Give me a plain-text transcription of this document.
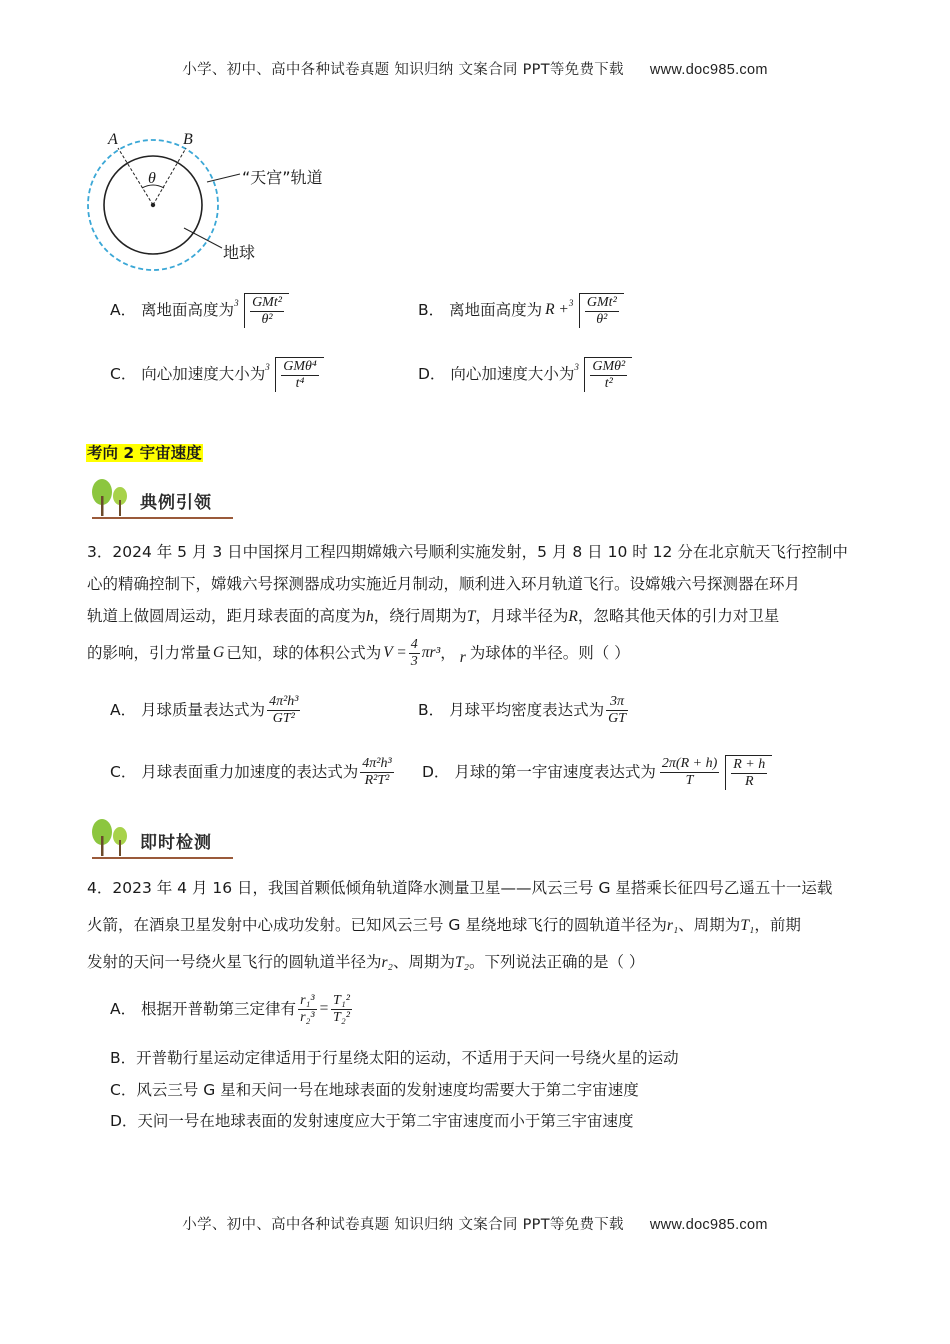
小学、初中、高中各种试卷真题 知识归纳 文案合同 PPT等免费下载 www.doc985.com
A	B
θ	“天宫”轨道
地球
A．
离地面高度为 $3 \frac{\text{GMt²}}{\text{θ²}}$	B．
离地面高度为 $R + 3 \frac{\text{GMt²}}{\text{θ²}}$
C．
向心加速度大小为 $3 \frac{\text{GMθ⁴}}{\text{t⁴}}$	D．
向心加速度大小为 $3 \frac{\text{GMθ²}}{\text{t²}}$
考向 2 宇宙速度
典例引领
3．2024 年 5 月 3 日中国探月工程四期嫦娥六号顺利实施发射，5 月 8 日 10 时 12 分在北京航天飞行控制中
心的精确控制下，嫦娥六号探测器成功实施近月制动，顺利进入环月轨道飞行。设嫦娥六号探测器在环月
轨道上做圆周运动，距月球表面的高度为h，绕行周期为T，月球半径为R，忽略其他天体的引力对卫星
的影响，引力常量 G 已知，球的体积公式为 $V = \frac{4}{3} \pi r^3$ ， r 为球体的半径。则（ ）
A．
月球质量表达式为 $\frac{\text{4π²h³}}{\text{GT²}}$	B．
月球平均密度表达式为 $\frac{3\pi}{GT}$
C．
月球表面重力加速度的表达式为 $\frac{\text{4π²h³}}{\text{R²T²}}$ D．
月球的第一宇宙速度表达式为 $\frac{2\pi(R + h)}{T} \frac{R + h}{R}$
即时检测
4．2023 年 4 月 16 日，我国首颗低倾角轨道降水测量卫星——风云三号 G 星搭乘长征四号乙遥五十一运载
火箭，在酒泉卫星发射中心成功发射。已知风云三号 G 星绕地球飞行的圆轨道半径为r₁、周期为T₁，前期
发射的天问一号绕火星飞行的圆轨道半径为r₂、周期为T₂。下列说法正确的是（ ）
A．
根据开普勒第三定律有 $\frac{\text{r₁³}}{\text{r₂³}} = \frac{\text{T₁²}}{\text{T₂²}}$
B．开普勒行星运动定律适用于行星绕太阳的运动，不适用于天问一号绕火星的运动
C．风云三号 G 星和天问一号在地球表面的发射速度均需要大于第二宇宙速度
D．天问一号在地球表面的发射速度应大于第二宇宙速度而小于第三宇宙速度
小学、初中、高中各种试卷真题 知识归纳 文案合同 PPT等免费下载 www.doc985.com
